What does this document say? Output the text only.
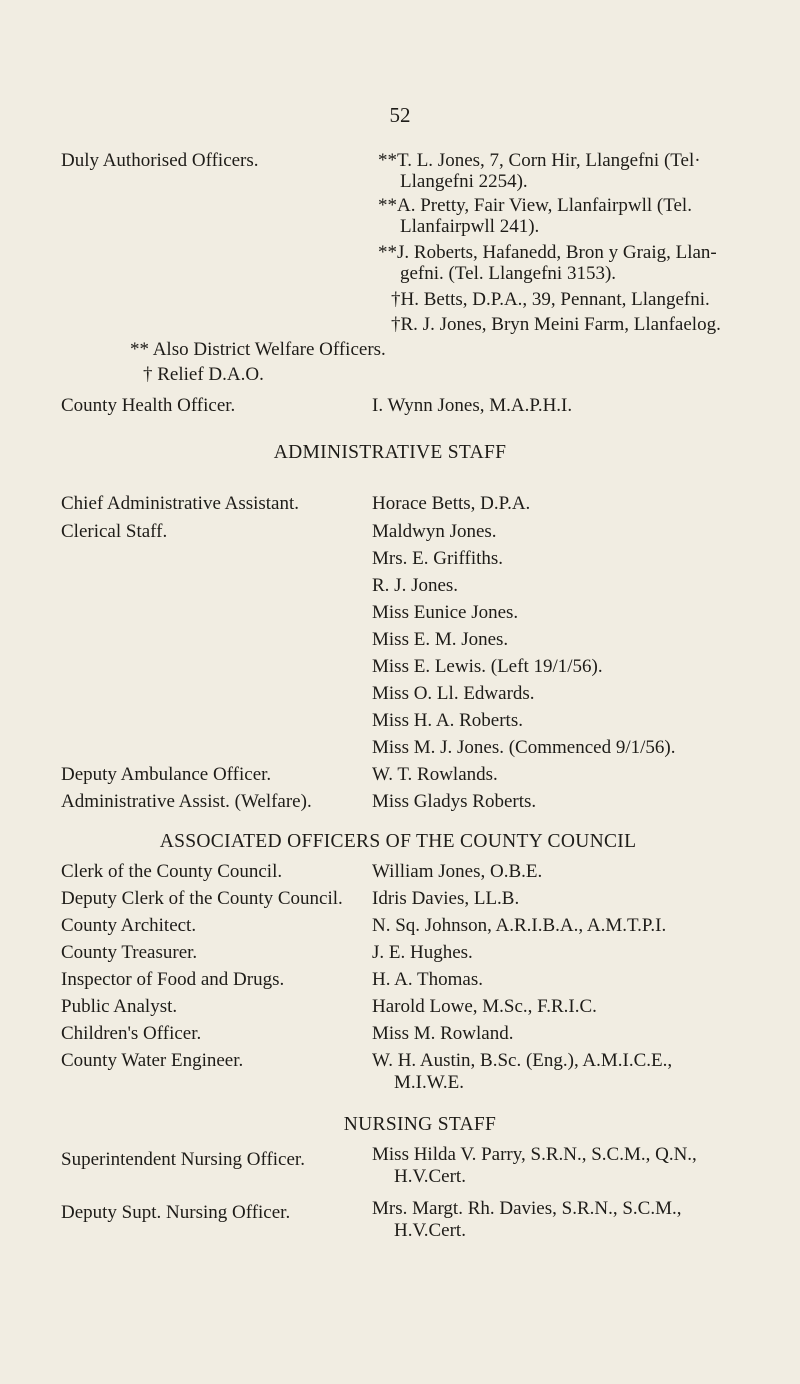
52
Duly Authorised Officers.	**T. L. Jones, 7, Corn Hir, Llangefni (Tel·
Llangefni 2254).
**A. Pretty, Fair View, Llanfairpwll (Tel.
Llanfairpwll 241).
**J. Roberts, Hafanedd, Bron y Graig, Llan-
gefni. (Tel. Llangefni 3153).
†H. Betts, D.P.A., 39, Pennant, Llangefni.
†R. J. Jones, Bryn Meini Farm, Llanfaelog.
** Also District Welfare Officers.
† Relief D.A.O.
County Health Officer.	I. Wynn Jones, M.A.P.H.I.
ADMINISTRATIVE STAFF
Chief Administrative Assistant.	Horace Betts, D.P.A.
Clerical Staff.	Maldwyn Jones.
Mrs. E. Griffiths.
R. J. Jones.
Miss Eunice Jones.
Miss E. M. Jones.
Miss E. Lewis. (Left 19/1/56).
Miss O. Ll. Edwards.
Miss H. A. Roberts.
Miss M. J. Jones. (Commenced 9/1/56).
Deputy Ambulance Officer.	W. T. Rowlands.
Administrative Assist. (Welfare).	Miss Gladys Roberts.
ASSOCIATED OFFICERS OF THE COUNTY COUNCIL
Clerk of the County Council.	William Jones, O.B.E.
Deputy Clerk of the County Council. Idris Davies, LL.B.
County Architect.	N. Sq. Johnson, A.R.I.B.A., A.M.T.P.I.
County Treasurer.	J. E. Hughes.
Inspector of Food and Drugs.	H. A. Thomas.
Public Analyst.	Harold Lowe, M.Sc., F.R.I.C.
Children's Officer.	Miss M. Rowland.
County Water Engineer.	W. H. Austin, B.Sc. (Eng.), A.M.I.C.E.,
M.I.W.E.
NURSING STAFF
Superintendent Nursing Officer.	Miss Hilda V. Parry, S.R.N., S.C.M., Q.N.,
H.V.Cert.
Deputy Supt. Nursing Officer.	Mrs. Margt. Rh. Davies, S.R.N., S.C.M.,
H.V.Cert.
